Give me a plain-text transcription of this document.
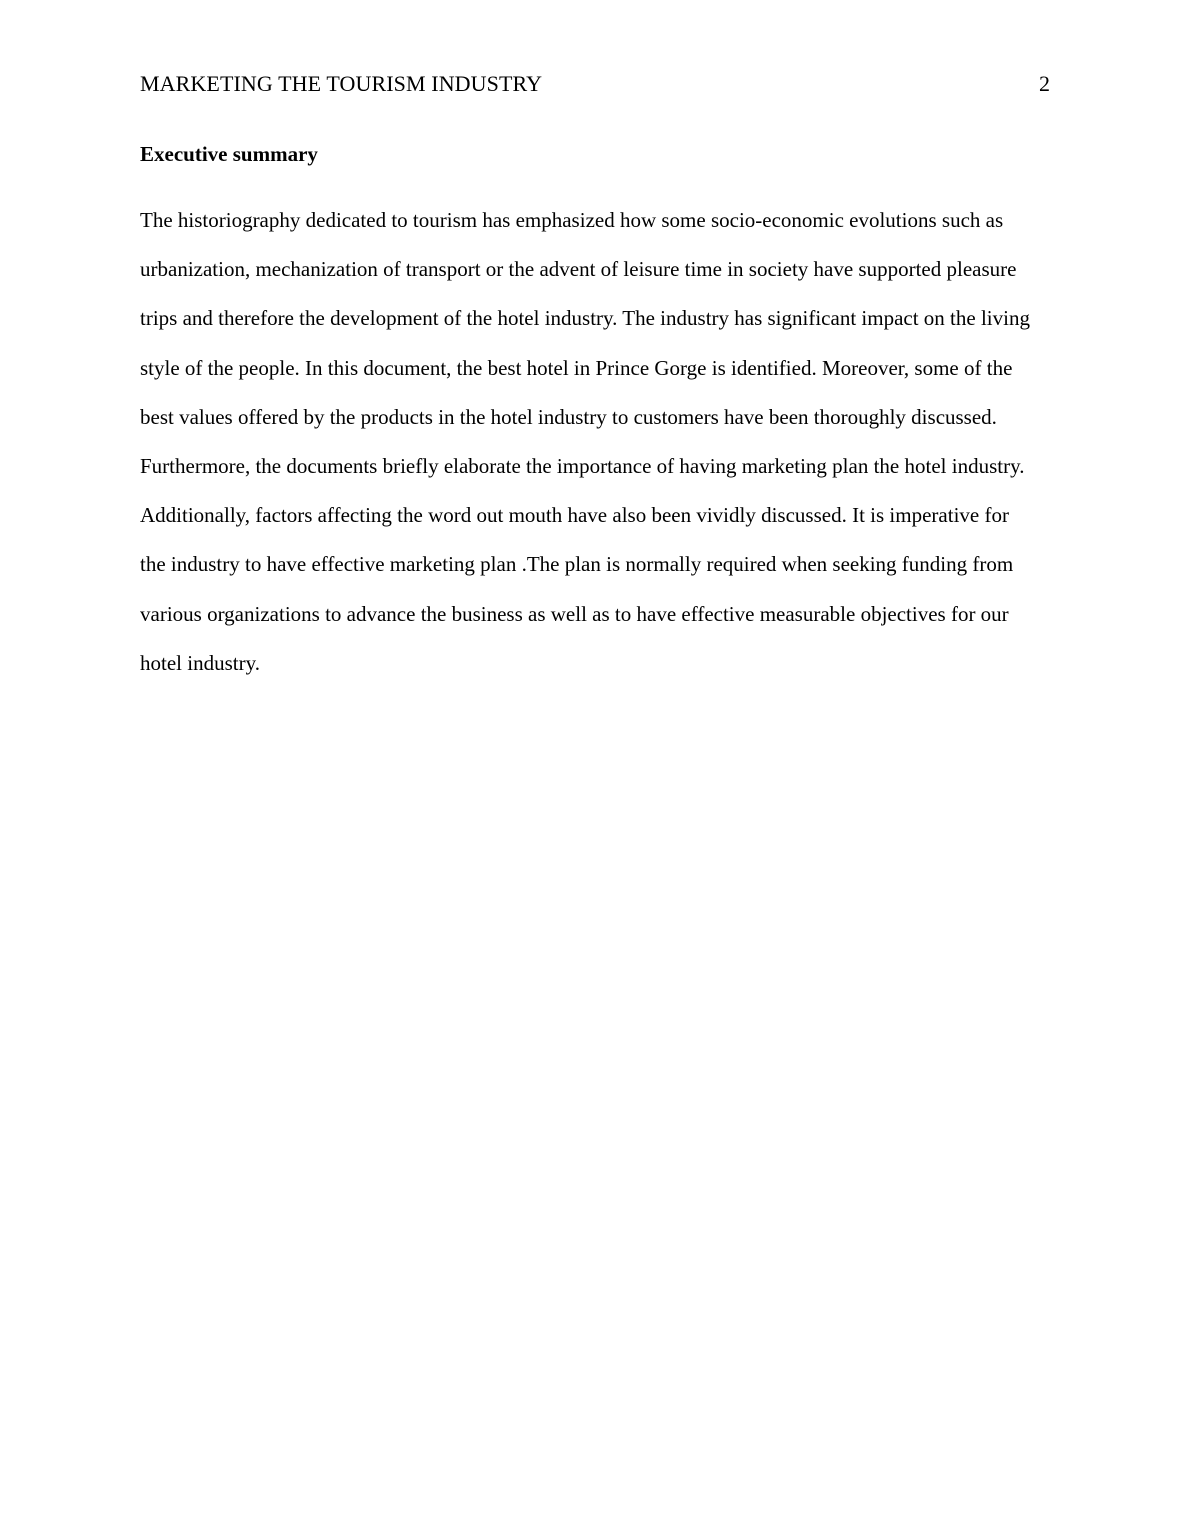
MARKETING THE TOURISM INDUSTRY	2
Executive summary
The historiography dedicated to tourism has emphasized how some socio-economic evolutions such as
urbanization, mechanization of transport or the advent of leisure time in society have supported pleasure
trips and therefore the development of the hotel industry. The industry has significant impact on the living
style of the people. In this document, the best hotel in Prince Gorge is identified. Moreover, some of the
best values offered by the products in the hotel industry to customers have been thoroughly discussed.
Furthermore, the documents briefly elaborate the importance of having marketing plan the hotel industry.
Additionally, factors affecting the word out mouth have also been vividly discussed. It is imperative for
the industry to have effective marketing plan .The plan is normally required when seeking funding from
various organizations to advance the business as well as to have effective measurable objectives for our
hotel industry.
